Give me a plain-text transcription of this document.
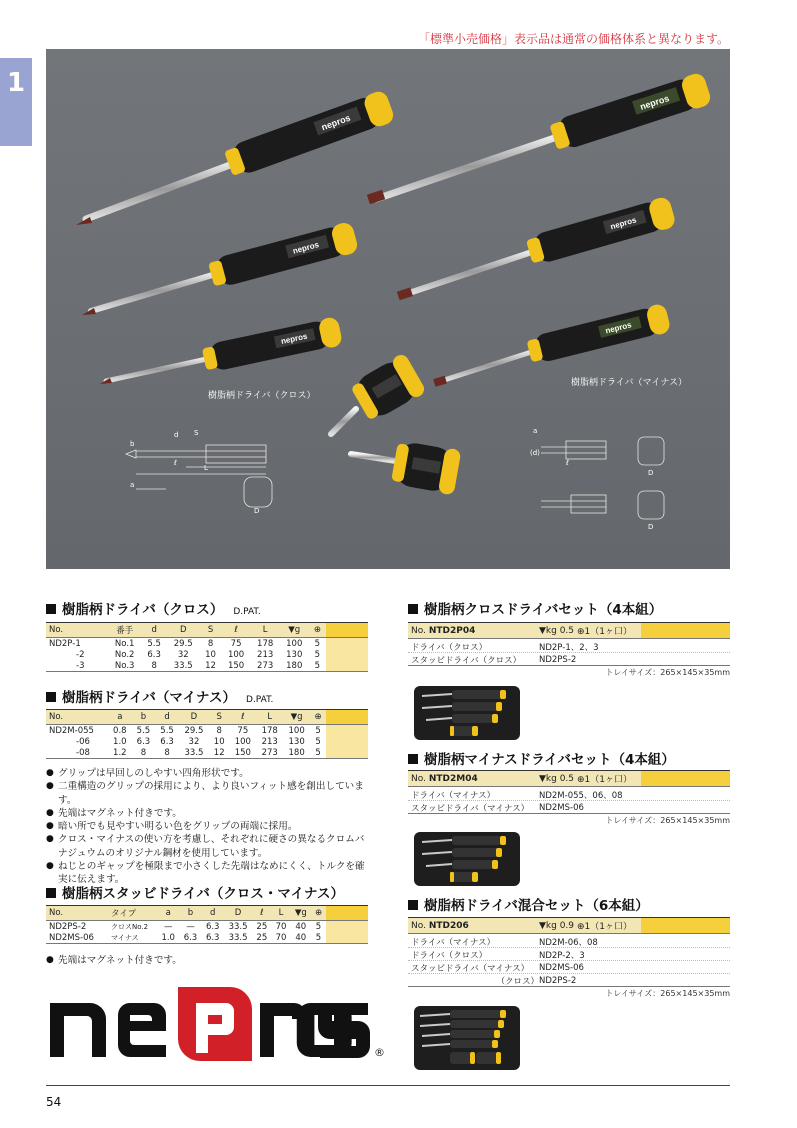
「標準小売価格」表示品は通常の価格体系と異なります。
1
nepros
nepros
nepros
nepros
nepros
nepros
樹脂柄ドライバ（クロス）
樹脂柄ドライバ（マイナス）
b
d S
ℓ
L
a
D
a
(d)
ℓ
D
D
樹脂柄ドライバ（クロス） D.PAT.
No.	番手	d	D	S	ℓ	L	▼g	⊕	
ND2P-1	No.1	5.5	29.5	8	75	178	100	5	
-2	No.2	6.3	32	10	100	213	130	5	
-3	No.3	8	33.5	12	150	273	180	5	
樹脂柄ドライバ（マイナス） D.PAT.
No.	a	b	d	D	S	ℓ	L	▼g	⊕	
ND2M-055	0.8	5.5	5.5	29.5	8	75	178	100	5	
-06	1.0	6.3	6.3	32	10	100	213	130	5	
-08	1.2	8	8	33.5	12	150	273	180	5	
● グリップは早回しのしやすい四角形状です。
● 二重構造のグリップの採用により、より良いフィット感を創出しています。
● 先端はマグネット付きです。
● 暗い所でも見やすい明るい色をグリップの両端に採用。
● クロス・マイナスの使い方を考慮し、それぞれに硬さの異なるクロムバナジュウムのオリジナル鋼材を使用しています。
● ねじとのギャップを極限まで小さくした先端はなめにくく、トルクを確実に伝えます。
樹脂柄スタッビドライバ（クロス・マイナス）
No.	タイプ	a	b	d	D	ℓ	L	▼g	⊕	
ND2PS-2	クロスNo.2	—	—	6.3	33.5	25	70	40	5	
ND2MS-06	マイナス	1.0	6.3	6.3	33.5	25	70	40	5	
● 先端はマグネット付きです。
®
樹脂柄クロスドライバセット（4本組）
No. NTD2P04	▼kg 0.5 ⊕1（1ヶ口）
ドライバ（クロス）	ND2P-1、2、3
スタッビドライバ（クロス）	ND2PS-2
トレイサイズ：265×145×35mm
樹脂柄マイナスドライバセット（4本組）
No. NTD2M04	▼kg 0.5 ⊕1（1ヶ口）
ドライバ（マイナス）	ND2M-055、06、08
スタッビドライバ（マイナス）	ND2MS-06
トレイサイズ：265×145×35mm
樹脂柄ドライバ混合セット（6本組）
No. NTD206	▼kg 0.9 ⊕1（1ヶ口）
ドライバ（マイナス）	ND2M-06、08
ドライバ（クロス）	ND2P-2、3
スタッビドライバ（マイナス）	ND2MS-06
（クロス） ND2PS-2
トレイサイズ：265×145×35mm
54
